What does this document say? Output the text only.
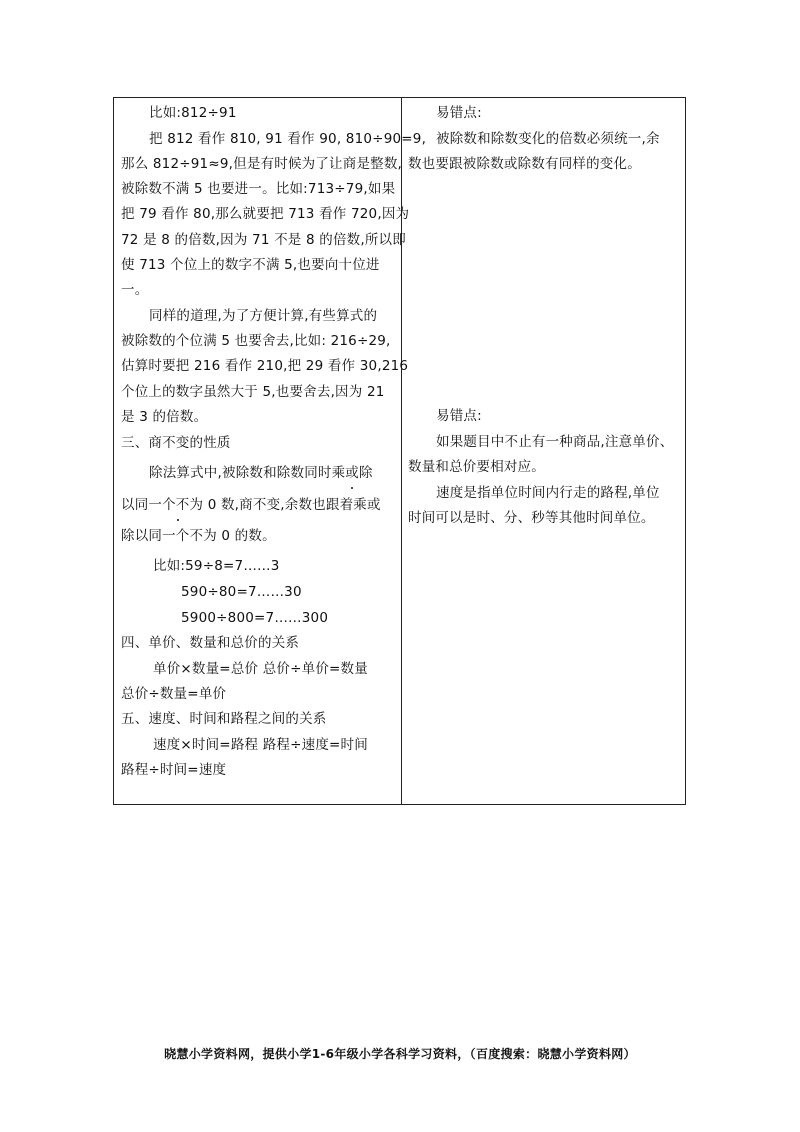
比如:812÷91
把 812 看作 810, 91 看作 90, 810÷90=9,
那么 812÷91≈9,但是有时候为了让商是整数,
被除数不满 5 也要进一。比如:713÷79,如果
把 79 看作 80,那么就要把 713 看作 720,因为
72 是 8 的倍数,因为 71 不是 8 的倍数,所以即
使 713 个位上的数字不满 5,也要向十位进
一。
同样的道理,为了方便计算,有些算式的
被除数的个位满 5 也要舍去,比如: 216÷29,
估算时要把 216 看作 210,把 29 看作 30,216
个位上的数字虽然大于 5,也要舍去,因为 21
是 3 的倍数。
三、商不变的性质
除法算式中,被除数和除数同时乘或除
以同一个不为 0 数,商不变,余数也跟着乘或
除以同一个不为 0 的数。
比如:59÷8=7……3
590÷80=7……30
5900÷800=7……300
四、单价、数量和总价的关系
单价×数量=总价 总价÷单价=数量
总价÷数量=单价
五、速度、时间和路程之间的关系
速度×时间=路程 路程÷速度=时间
路程÷时间=速度
易错点:
被除数和除数变化的倍数必须统一,余
数也要跟被除数或除数有同样的变化。
易错点:
如果题目中不止有一种商品,注意单价、
数量和总价要相对应。
速度是指单位时间内行走的路程,单位
时间可以是时、分、秒等其他时间单位。
晓慧小学资料网，提供小学1-6年级小学各科学习资料，（百度搜索：晓慧小学资料网）
